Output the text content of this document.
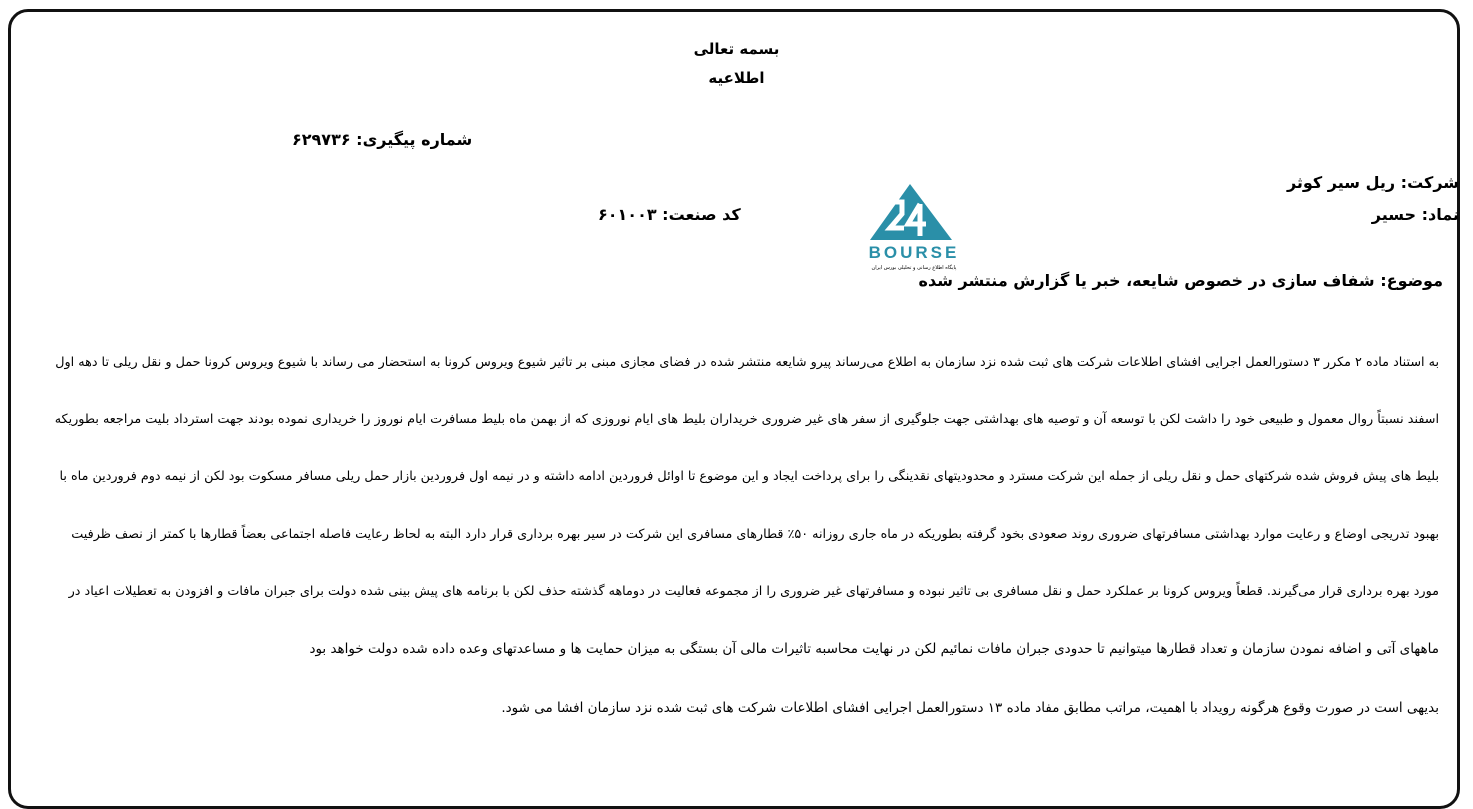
بسمه تعالی
اطلاعیه
شماره پیگیری: ۶۲۹۷۳۶
شرکت: ریل سیر کوثر
نماد: حسیر
کد صنعت: ۶۰۱۰۰۳
BOURSE
پایگاه اطلاع رسانی و تحلیلی بورس ایران
موضوع: شفاف سازی در خصوص شایعه، خبر یا گزارش منتشر شده
به استناد ماده ۲ مکرر ۳ دستورالعمل اجرایی افشای اطلاعات شرکت های ثبت شده نزد سازمان به اطلاع می‌رساند پیرو شایعه منتشر شده در فضای مجازی مبنی بر تاثیر شیوع ویروس کرونا به استحضار می رساند با شیوع ویروس کرونا حمل و نقل ریلی تا دهه اول
اسفند نسبتاً روال معمول و طبیعی خود را داشت لکن با توسعه آن و توصیه های بهداشتی جهت جلوگیری از سفر های غیر ضروری خریداران بلیط های ایام نوروزی که از بهمن ماه بلیط مسافرت ایام نوروز را خریداری نموده بودند جهت استرداد بلیت مراجعه بطوریکه
بلیط های پیش فروش شده شرکتهای حمل و نقل ریلی از جمله این شرکت مسترد و محدودیتهای نقدینگی را برای پرداخت ایجاد و این موضوع تا اوائل فروردین ادامه داشته و در نیمه اول فروردین بازار حمل ریلی مسافر مسکوت بود لکن از نیمه دوم فروردین ماه با
بهبود تدریجی اوضاع و رعایت موارد بهداشتی مسافرتهای ضروری روند صعودی بخود گرفته بطوریکه در ماه جاری روزانه ۵۰٪ قطارهای مسافری این شرکت در سیر بهره برداری قرار دارد البته به لحاظ رعایت فاصله اجتماعی بعضاً قطارها با کمتر از نصف ظرفیت
مورد بهره برداری قرار می‌گیرند. قطعاً ویروس کرونا بر عملکرد حمل و نقل مسافری بی تاثیر نبوده و مسافرتهای غیر ضروری را از مجموعه فعالیت در دوماهه گذشته حذف لکن با برنامه های پیش بینی شده دولت برای جبران مافات و افزودن به تعطیلات اعیاد در
ماههای آتی و اضافه نمودن سازمان و تعداد قطارها میتوانیم تا حدودی جبران مافات نمائیم لکن در نهایت محاسبه تاثیرات مالی آن بستگی به میزان حمایت ها و مساعدتهای وعده داده شده دولت خواهد بود
بدیهی است در صورت وقوع هرگونه رویداد با اهمیت، مراتب مطابق مفاد ماده ۱۳ دستورالعمل اجرایی افشای اطلاعات شرکت های ثبت شده نزد سازمان افشا می شود.
